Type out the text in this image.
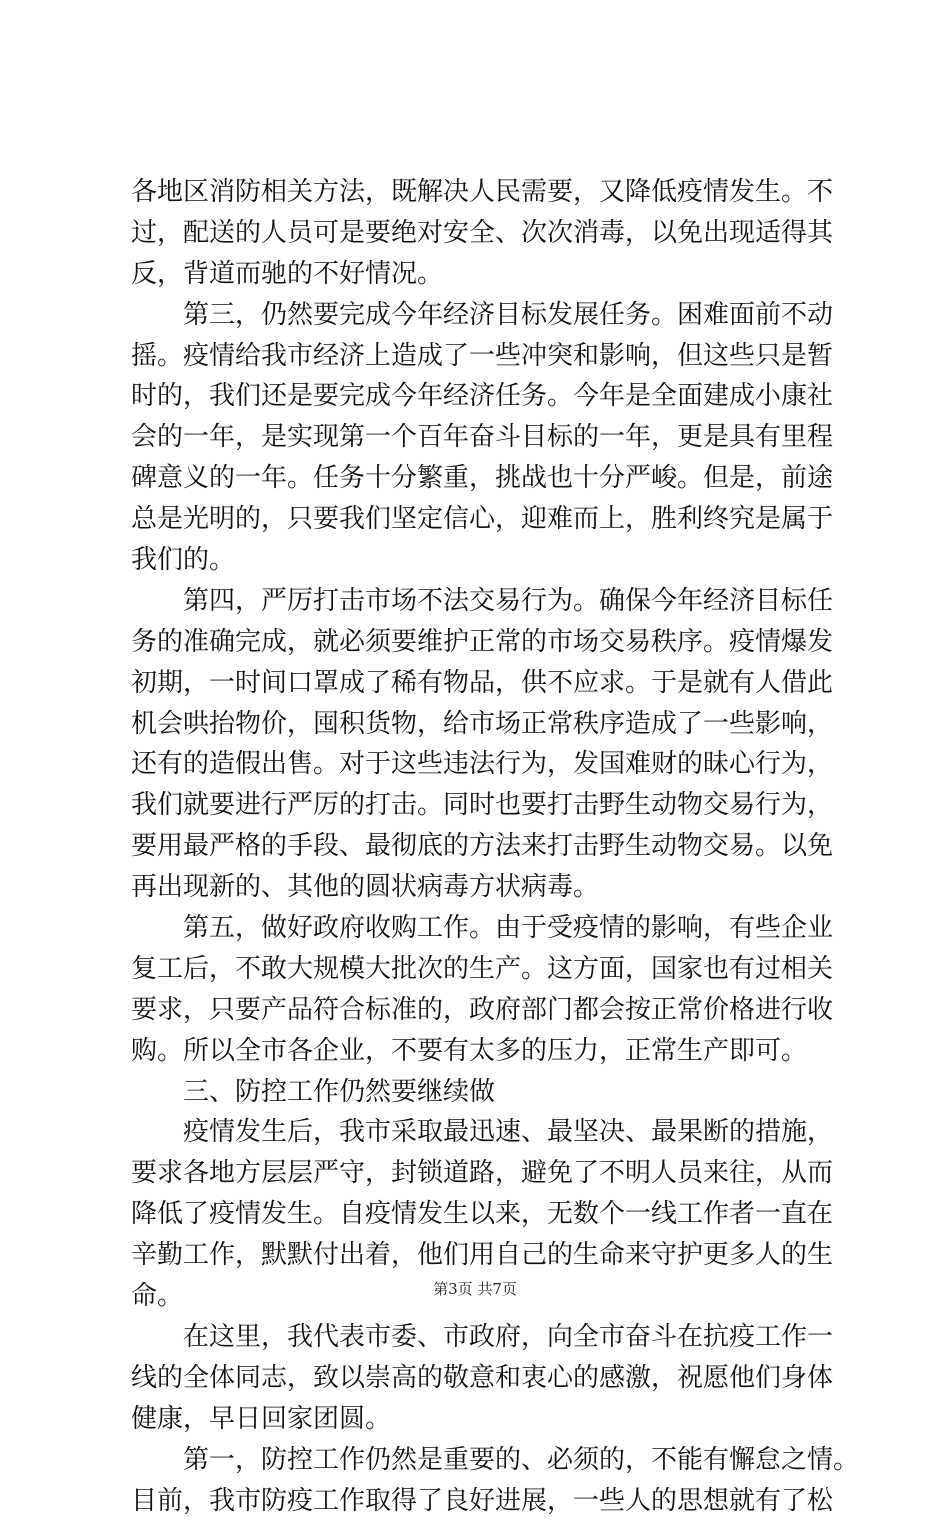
各地区消防相关方法，既解决人民需要，又降低疫情发生。不
过，配送的人员可是要绝对安全、次次消毒，以免出现适得其
反，背道而驰的不好情况。
第三，仍然要完成今年经济目标发展任务。困难面前不动
摇。疫情给我市经济上造成了一些冲突和影响，但这些只是暂
时的，我们还是要完成今年经济任务。今年是全面建成小康社
会的一年，是实现第一个百年奋斗目标的一年，更是具有里程
碑意义的一年。任务十分繁重，挑战也十分严峻。但是，前途
总是光明的，只要我们坚定信心，迎难而上，胜利终究是属于
我们的。
第四，严厉打击市场不法交易行为。确保今年经济目标任
务的准确完成，就必须要维护正常的市场交易秩序。疫情爆发
初期，一时间口罩成了稀有物品，供不应求。于是就有人借此
机会哄抬物价，囤积货物，给市场正常秩序造成了一些影响，
还有的造假出售。对于这些违法行为，发国难财的昧心行为，
我们就要进行严厉的打击。同时也要打击野生动物交易行为，
要用最严格的手段、最彻底的方法来打击野生动物交易。以免
再出现新的、其他的圆状病毒方状病毒。
第五，做好政府收购工作。由于受疫情的影响，有些企业
复工后，不敢大规模大批次的生产。这方面，国家也有过相关
要求，只要产品符合标准的，政府部门都会按正常价格进行收
购。所以全市各企业，不要有太多的压力，正常生产即可。
三、防控工作仍然要继续做
疫情发生后，我市采取最迅速、最坚决、最果断的措施，
要求各地方层层严守，封锁道路，避免了不明人员来往，从而
降低了疫情发生。自疫情发生以来，无数个一线工作者一直在
辛勤工作，默默付出着，他们用自己的生命来守护更多人的生
命。
在这里，我代表市委、市政府，向全市奋斗在抗疫工作一
线的全体同志，致以崇高的敬意和衷心的感激，祝愿他们身体
健康，早日回家团圆。
第一，防控工作仍然是重要的、必须的，不能有懈怠之情。
目前，我市防疫工作取得了良好进展，一些人的思想就有了松
第3页 共7页
